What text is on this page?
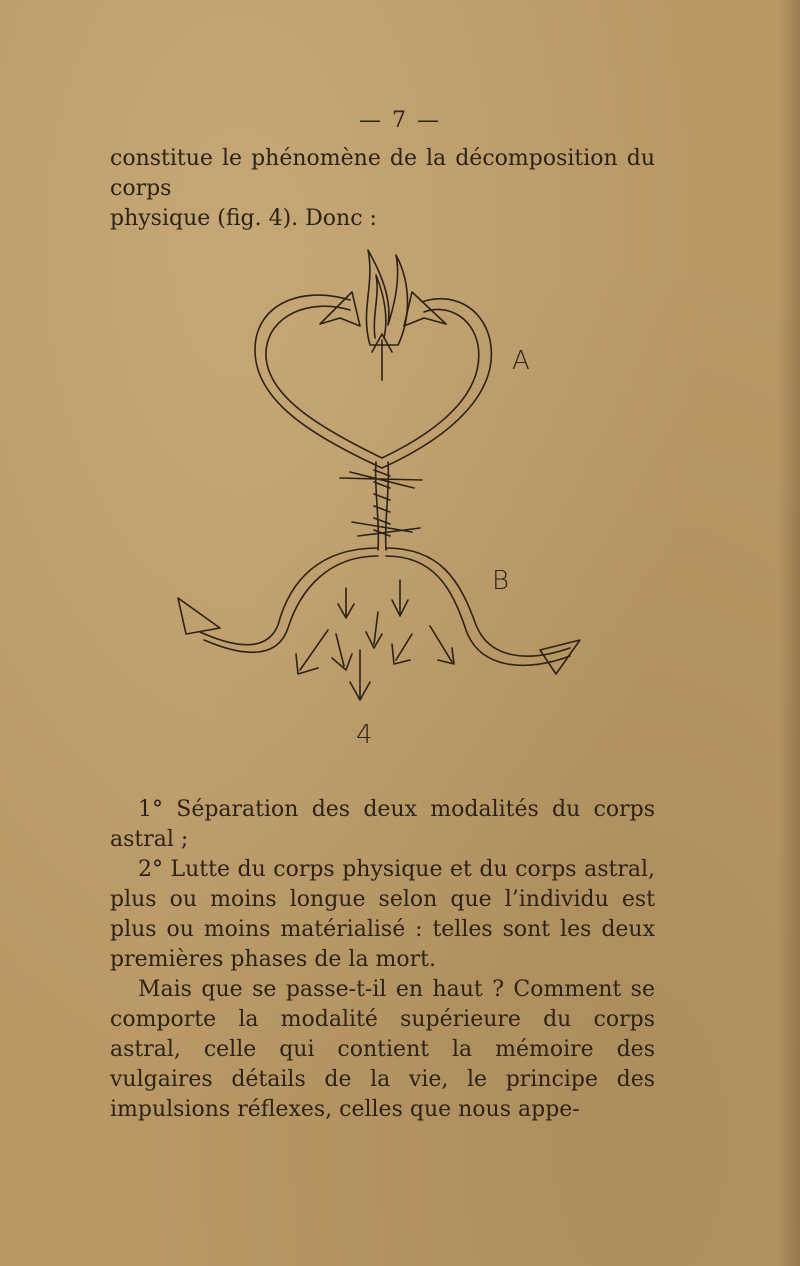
— 7 —

constitue le phénomène de la décomposition du corps

physique (fig. 4). Donc :

A
B
4

1° Séparation des deux modalités du corps astral ;

2° Lutte du corps physique et du corps astral, plus ou moins longue selon que l’individu est plus ou moins matérialisé : telles sont les deux premières phases de la mort.

Mais que se passe-t-il en haut ? Comment se comporte la modalité supérieure du corps astral, celle qui contient la mémoire des vulgaires détails de la vie, le principe des impulsions réflexes, celles que nous appe-
